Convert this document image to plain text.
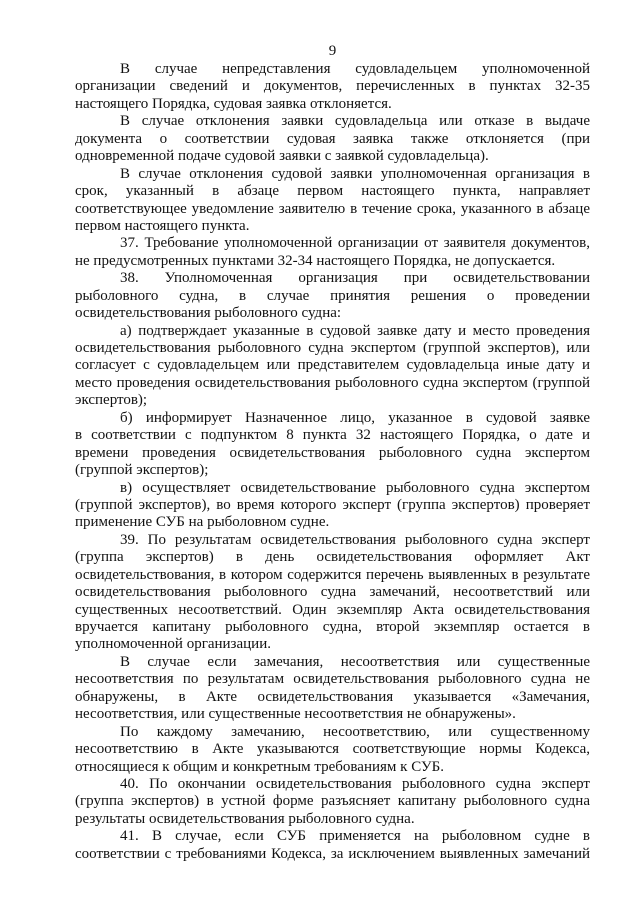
9
В случае непредставления судовладельцем уполномоченной
организации сведений и документов, перечисленных в пунктах 32-35
настоящего Порядка, судовая заявка отклоняется.
В случае отклонения заявки судовладельца или отказе в выдаче
документа о соответствии судовая заявка также отклоняется (при
одновременной подаче судовой заявки с заявкой судовладельца).
В случае отклонения судовой заявки уполномоченная организация в
срок, указанный в абзаце первом настоящего пункта, направляет
соответствующее уведомление заявителю в течение срока, указанного в абзаце
первом настоящего пункта.
37. Требование уполномоченной организации от заявителя документов,
не предусмотренных пунктами 32-34 настоящего Порядка, не допускается.
38. Уполномоченная организация при освидетельствовании
рыболовного судна, в случае принятия решения о проведении
освидетельствования рыболовного судна:
а) подтверждает указанные в судовой заявке дату и место проведения
освидетельствования рыболовного судна экспертом (группой экспертов), или
согласует с судовладельцем или представителем судовладельца иные дату и
место проведения освидетельствования рыболовного судна экспертом (группой
экспертов);
б) информирует Назначенное лицо, указанное в судовой заявке
в соответствии с подпунктом 8 пункта 32 настоящего Порядка, о дате и
времени проведения освидетельствования рыболовного судна экспертом
(группой экспертов);
в) осуществляет освидетельствование рыболовного судна экспертом
(группой экспертов), во время которого эксперт (группа экспертов) проверяет
применение СУБ на рыболовном судне.
39. По результатам освидетельствования рыболовного судна эксперт
(группа экспертов) в день освидетельствования оформляет Акт
освидетельствования, в котором содержится перечень выявленных в результате
освидетельствования рыболовного судна замечаний, несоответствий или
существенных несоответствий. Один экземпляр Акта освидетельствования
вручается капитану рыболовного судна, второй экземпляр остается в
уполномоченной организации.
В случае если замечания, несоответствия или существенные
несоответствия по результатам освидетельствования рыболовного судна не
обнаружены, в Акте освидетельствования указывается «Замечания,
несоответствия, или существенные несоответствия не обнаружены».
По каждому замечанию, несоответствию, или существенному
несоответствию в Акте указываются соответствующие нормы Кодекса,
относящиеся к общим и конкретным требованиям к СУБ.
40. По окончании освидетельствования рыболовного судна эксперт
(группа экспертов) в устной форме разъясняет капитану рыболовного судна
результаты освидетельствования рыболовного судна.
41. В случае, если СУБ применяется на рыболовном судне в
соответствии с требованиями Кодекса, за исключением выявленных замечаний
